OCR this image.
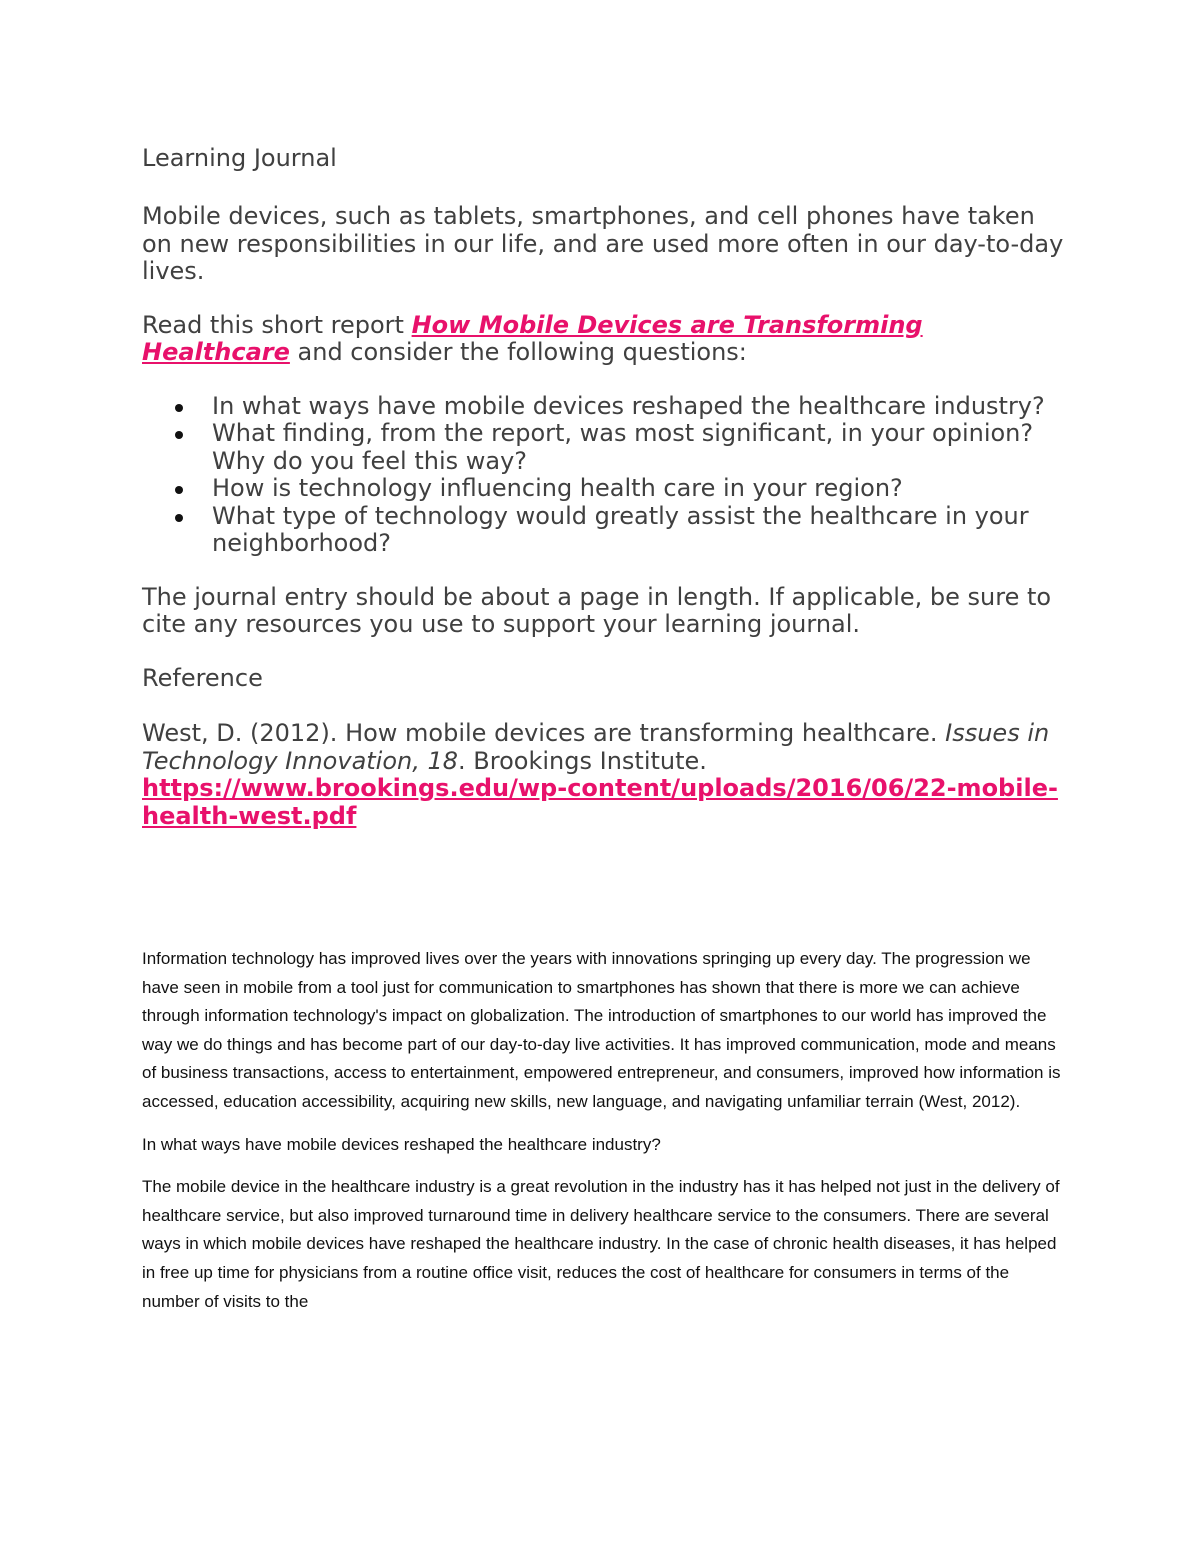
Learning Journal

Mobile devices, such as tablets, smartphones, and cell phones have taken on new responsibilities in our life, and are used more often in our day-to-day lives.

Read this short report How Mobile Devices are Transforming Healthcare and consider the following questions:

In what ways have mobile devices reshaped the healthcare industry?
What finding, from the report, was most significant, in your opinion? Why do you feel this way?
How is technology influencing health care in your region?
What type of technology would greatly assist the healthcare in your neighborhood?

The journal entry should be about a page in length. If applicable, be sure to cite any resources you use to support your learning journal.

Reference

West, D. (2012). How mobile devices are transforming healthcare. Issues in Technology Innovation, 18. Brookings Institute. https://www.brookings.edu/wp-content/uploads/2016/06/22-mobile-health-west.pdf

Information technology has improved lives over the years with innovations springing up every day. The progression we have seen in mobile from a tool just for communication to smartphones has shown that there is more we can achieve through information technology's impact on globalization. The introduction of smartphones to our world has improved the way we do things and has become part of our day-to-day live activities. It has improved communication, mode and means of business transactions, access to entertainment, empowered entrepreneur, and consumers, improved how information is accessed, education accessibility, acquiring new skills, new language, and navigating unfamiliar terrain (West, 2012).

In what ways have mobile devices reshaped the healthcare industry?

The mobile device in the healthcare industry is a great revolution in the industry has it has helped not just in the delivery of healthcare service, but also improved turnaround time in delivery healthcare service to the consumers. There are several ways in which mobile devices have reshaped the healthcare industry. In the case of chronic health diseases, it has helped in free up time for physicians from a routine office visit, reduces the cost of healthcare for consumers in terms of the number of visits to the
